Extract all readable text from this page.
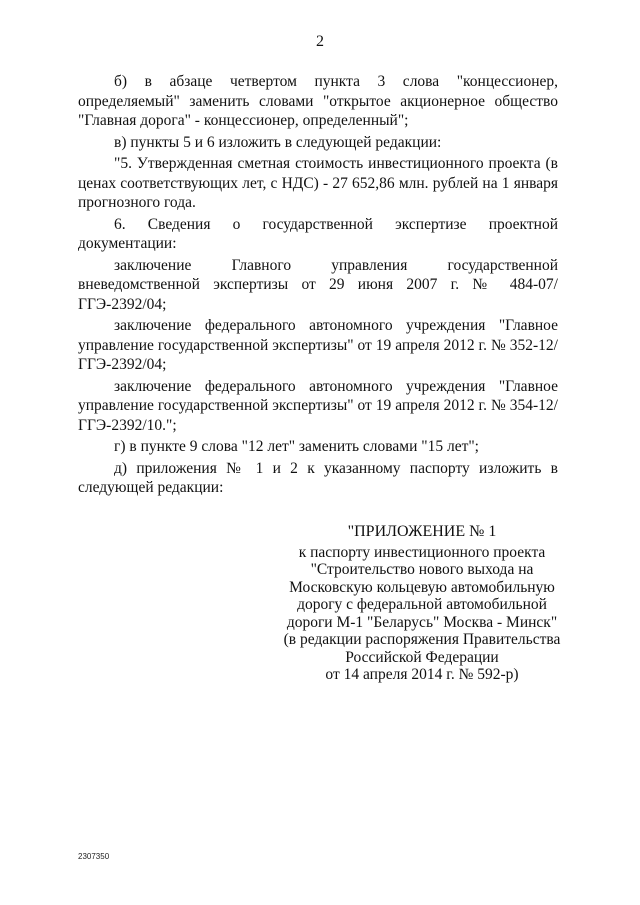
2

б) в абзаце четвертом пункта 3 слова "концессионер, определяемый" заменить словами "открытое акционерное общество "Главная дорога" - концессионер, определенный";

в) пункты 5 и 6 изложить в следующей редакции:

"5. Утвержденная сметная стоимость инвестиционного проекта (в ценах соответствующих лет, с НДС) - 27 652,86 млн. рублей на 1 января прогнозного года.

6. Сведения о государственной экспертизе проектной документации:

заключение Главного управления государственной вневедомственной экспертизы от 29 июня 2007 г. № 484-07/ГГЭ-2392/04;

заключение федерального автономного учреждения "Главное управление государственной экспертизы" от 19 апреля 2012 г. № 352-12/ГГЭ-2392/04;

заключение федерального автономного учреждения "Главное управление государственной экспертизы" от 19 апреля 2012 г. № 354-12/ГГЭ-2392/10.";

г) в пункте 9 слова "12 лет" заменить словами "15 лет";

д) приложения № 1 и 2 к указанному паспорту изложить в следующей редакции:

"ПРИЛОЖЕНИЕ № 1
к паспорту инвестиционного проекта
"Строительство нового выхода на
Московскую кольцевую автомобильную
дорогу с федеральной автомобильной
дороги М-1 "Беларусь" Москва - Минск"
(в редакции распоряжения Правительства
Российской Федерации
от 14 апреля 2014 г. № 592-р)
2307350
